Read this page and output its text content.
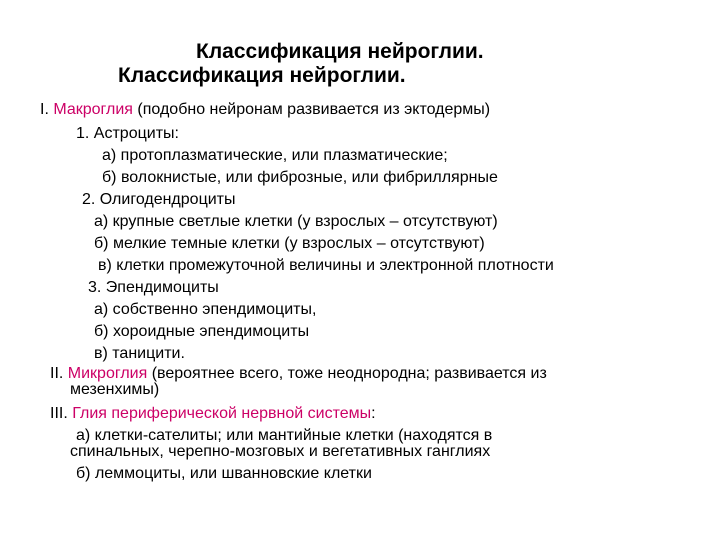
Классификация нейроглии.
Классификация нейроглии.
I. Макроглия (подобно нейронам развивается из эктодермы)
1. Астроциты:
а) протоплазматические, или плазматические;
б) волокнистые, или фиброзные, или фибриллярные
2. Олигодендроциты
а) крупные светлые клетки (у взрослых – отсутствуют)
б) мелкие темные клетки (у взрослых – отсутствуют)
в) клетки промежуточной величины и электронной плотности
3. Эпендимоциты
а) собственно эпендимоциты,
б) хороидные эпендимоциты
в) таницити.
II. Микроглия (вероятнее всего, тоже неоднородна; развивается из
мезенхимы)
III. Глия периферической нервной системы:
а) клетки-сателиты; или мантийные клетки (находятся в
спинальных, черепно-мозговых и вегетативных ганглиях
б) леммоциты, или шванновские клетки
